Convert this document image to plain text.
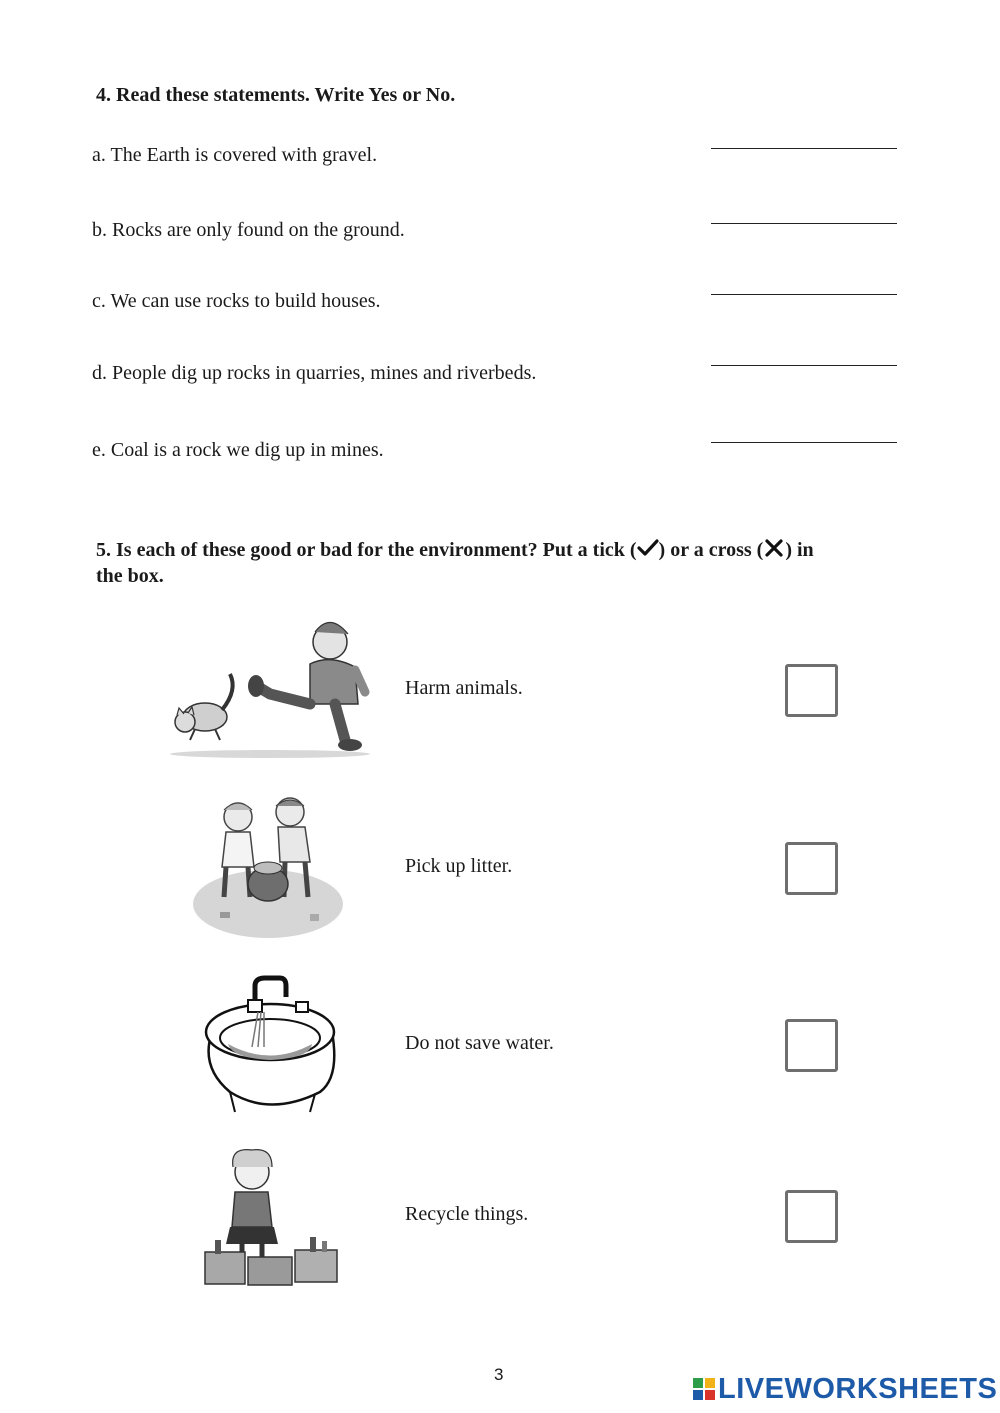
4. Read these statements. Write Yes or No.
a. The Earth is covered with gravel.
b. Rocks are only found on the ground.
c. We can use rocks to build houses.
d. People dig up rocks in quarries, mines and riverbeds.
e. Coal is a rock we dig up in mines.
5. Is each of these good or bad for the environment? Put a tick ( ) or a cross ( ) in
the box.
Harm animals.
Pick up litter.
Do not save water.
Recycle things.
3	LIVEWORKSHEETS
